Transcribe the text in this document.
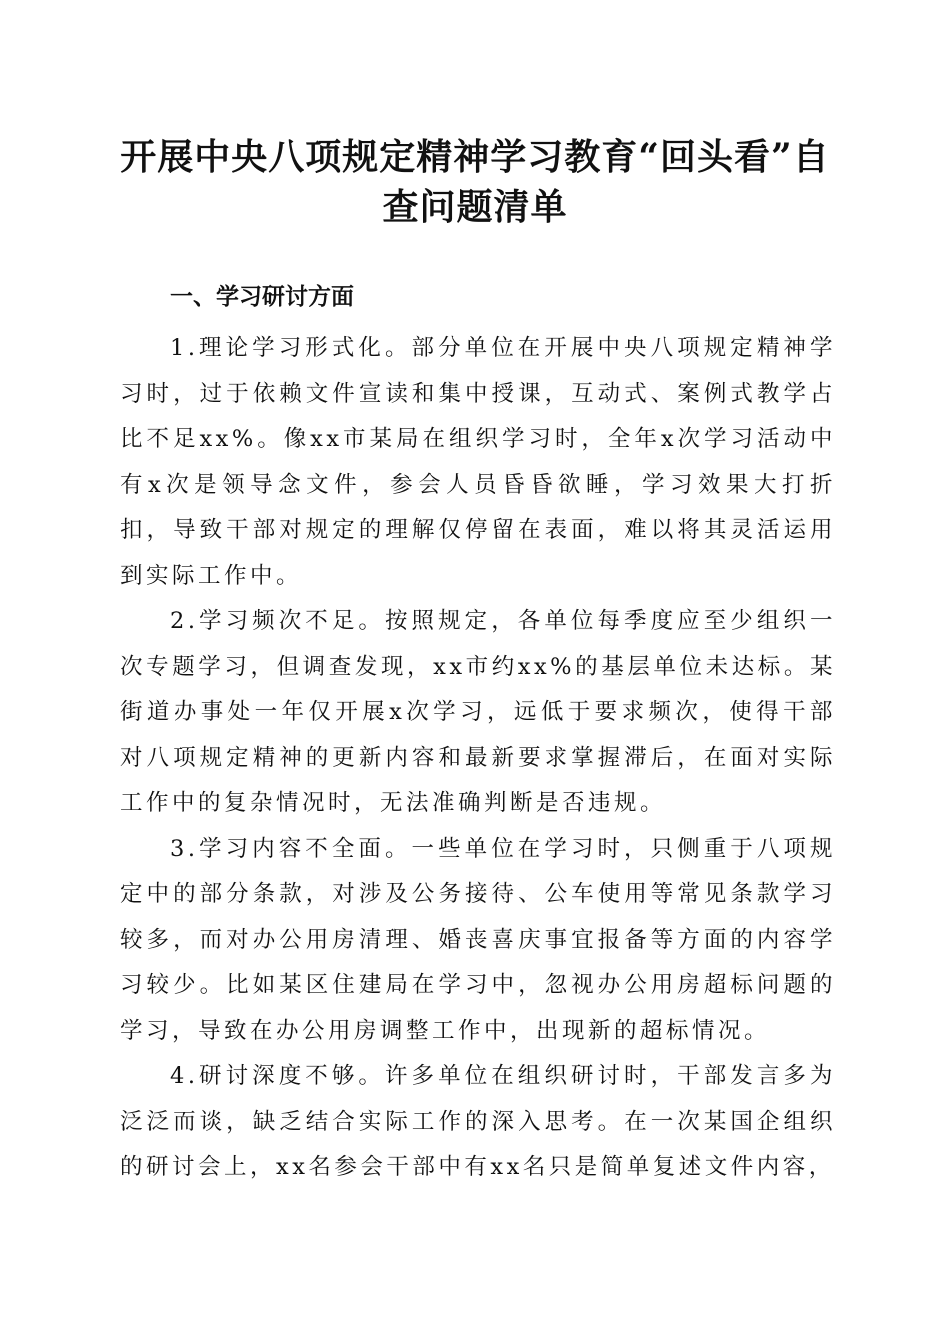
开展中央八项规定精神学习教育“回头看”自
查问题清单
一、学习研讨方面

1.理论学习形式化。部分单位在开展中央八项规定精神学习时，过于依赖文件宣读和集中授课，互动式、案例式教学占比不足xx%。像xx市某局在组织学习时，全年x次学习活动中有x次是领导念文件，参会人员昏昏欲睡，学习效果大打折扣，导致干部对规定的理解仅停留在表面，难以将其灵活运用到实际工作中。

2.学习频次不足。按照规定，各单位每季度应至少组织一次专题学习，但调查发现，xx市约xx%的基层单位未达标。某街道办事处一年仅开展x次学习，远低于要求频次，使得干部对八项规定精神的更新内容和最新要求掌握滞后，在面对实际工作中的复杂情况时，无法准确判断是否违规。

3.学习内容不全面。一些单位在学习时，只侧重于八项规定中的部分条款，对涉及公务接待、公车使用等常见条款学习较多，而对办公用房清理、婚丧喜庆事宜报备等方面的内容学习较少。比如某区住建局在学习中，忽视办公用房超标问题的学习，导致在办公用房调整工作中，出现新的超标情况。

4.研讨深度不够。许多单位在组织研讨时，干部发言多为泛泛而谈，缺乏结合实际工作的深入思考。在一次某国企组织的研讨会上，xx名参会干部中有xx名只是简单复述文件内容，
